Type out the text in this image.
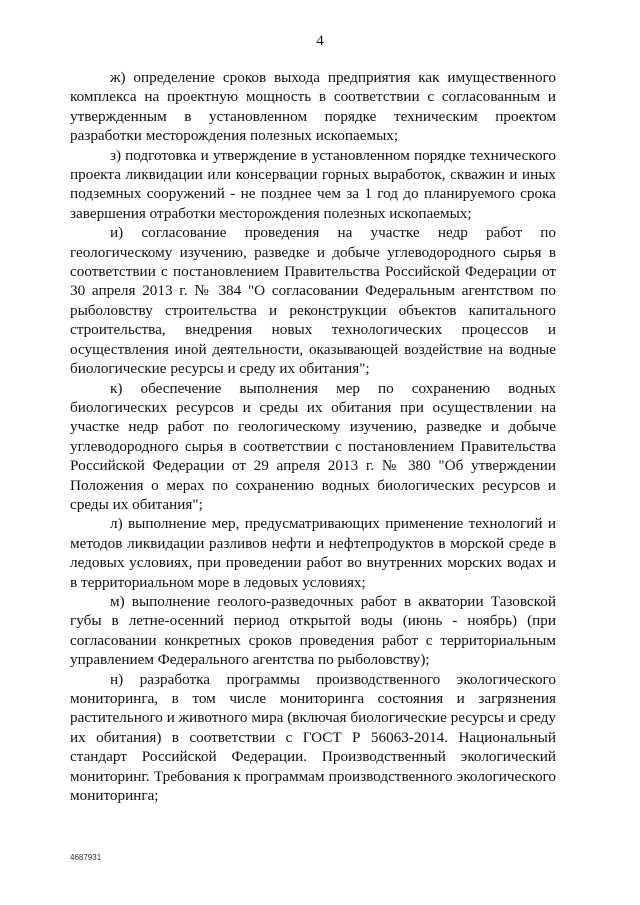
4

ж) определение сроков выхода предприятия как имущественного комплекса на проектную мощность в соответствии с согласованным и утвержденным в установленном порядке техническим проектом разработки месторождения полезных ископаемых;

з) подготовка и утверждение в установленном порядке технического проекта ликвидации или консервации горных выработок, скважин и иных подземных сооружений - не позднее чем за 1 год до планируемого срока завершения отработки месторождения полезных ископаемых;

и) согласование проведения на участке недр работ по геологическому изучению, разведке и добыче углеводородного сырья в соответствии с постановлением Правительства Российской Федерации от 30 апреля 2013 г. № 384 "О согласовании Федеральным агентством по рыболовству строительства и реконструкции объектов капитального строительства, внедрения новых технологических процессов и осуществления иной деятельности, оказывающей воздействие на водные биологические ресурсы и среду их обитания";

к) обеспечение выполнения мер по сохранению водных биологических ресурсов и среды их обитания при осуществлении на участке недр работ по геологическому изучению, разведке и добыче углеводородного сырья в соответствии с постановлением Правительства Российской Федерации от 29 апреля 2013 г. № 380 "Об утверждении Положения о мерах по сохранению водных биологических ресурсов и среды их обитания";

л) выполнение мер, предусматривающих применение технологий и методов ликвидации разливов нефти и нефтепродуктов в морской среде в ледовых условиях, при проведении работ во внутренних морских водах и в территориальном море в ледовых условиях;

м) выполнение геолого-разведочных работ в акватории Тазовской губы в летне-осенний период открытой воды (июнь - ноябрь) (при согласовании конкретных сроков проведения работ с территориальным управлением Федерального агентства по рыболовству);

н) разработка программы производственного экологического мониторинга, в том числе мониторинга состояния и загрязнения растительного и животного мира (включая биологические ресурсы и среду их обитания) в соответствии с ГОСТ Р 56063-2014. Национальный стандарт Российской Федерации. Производственный экологический мониторинг. Требования к программам производственного экологического мониторинга;

4687931
